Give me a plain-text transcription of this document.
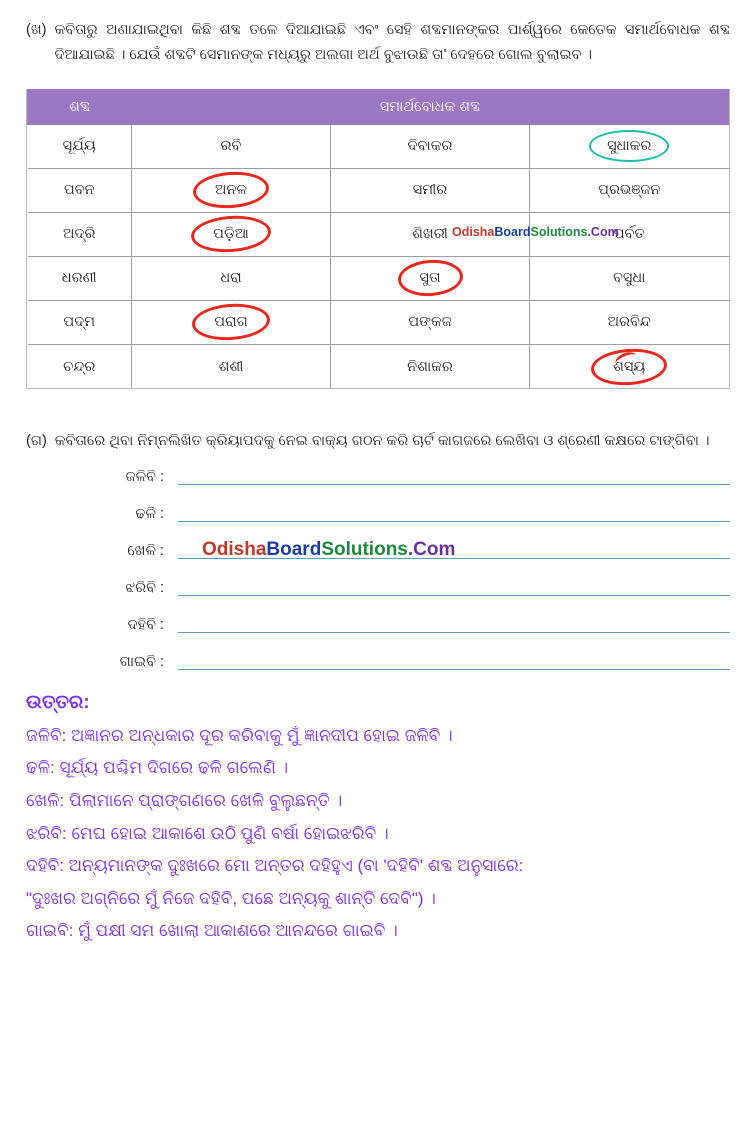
(ଖ) କବିତାରୁ ଅଣାଯାଇଥିବା କିଛି ଶବ୍ଦ ତଳେ ଦିଆଯାଇଛି ଏବଂ ସେହି ଶବ୍ଦମାନଙ୍କର ପାର୍ଶ୍ୱରେ କେତେକ ସମାର୍ଥବୋଧକ ଶବ୍ଦ ଦିଆଯାଇଛି । ଯେଉଁ ଶବ୍ଦଟି ସେମାନଙ୍କ ମଧ୍ୟରୁ ଅଲଗା ଅର୍ଥ ବୁଝାଉଛି ତା' ଦେହରେ ଗୋଲ ବୁଲାଇବ ।
ଶବ୍ଦ	ସମାର୍ଥବୋଧକ ଶବ୍ଦ		
ସୂର୍ଯ୍ୟ	ରବି	ଦିବାକର	ସୁଧାକର
ପବନ	ଅନଳ	ସମୀର	ପ୍ରଭଞ୍ଜନ
ଅଦ୍ରି	ପଡ଼ିଆ	ଶିଖରୀ	ପର୍ବତ
OdishaBoardSolutions.Com

ଧରଣୀ	ଧରା	ସୁତା	ବସୁଧା
ପଦ୍ମ	ପରାଗ	ପଙ୍କଜ	ଅରବିନ୍ଦ
ଚନ୍ଦ୍ର	ଶଶୀ	ନିଶାକର	ଶସ୍ୟ
(ଗ) କବିତାରେ ଥିବା ନିମ୍ନଲିଖିତ କ୍ରିୟାପଦକୁ ନେଇ ବାକ୍ୟ ଗଠନ କରି ଚାର୍ଟ କାଗଜରେ ଲେଖିବା ଓ ଶ୍ରେଣୀ କକ୍ଷରେ ଟାଙ୍ଗିବା ।
ଜଳିବି :
ଢଳି :
ଖେଳି :	OdishaBoardSolutions.Com
ଝରିବି :
ଦହିବି :
ଗାଇବି :
ଉତ୍ତର:
ଜଳିବି: ଅଜ୍ଞାନର ଅନ୍ଧକାର ଦୂର କରିବାକୁ ମୁଁ ଜ୍ଞାନଦୀପ ହୋଇ ଜଳିବି ।
ଢଳି: ସୂର୍ଯ୍ୟ ପଶ୍ଚିମ ଦିଗରେ ଢଳି ଗଲେଣି ।
ଖେଳି: ପିଲାମାନେ ପ୍ରାଙ୍ଗଣରେ ଖେଳି ବୁଲୁଛନ୍ତି ।
ଝରିବି: ମେଘ ହୋଇ ଆକାଶେ ଉଠି ପୁଣି ବର୍ଷା ହୋଇଝରିବି ।
ଦହିବି: ଅନ୍ୟମାନଙ୍କ ଦୁଃଖରେ ମୋ ଅନ୍ତର ଦହିହୁଏ (ବା 'ଦହିବି' ଶବ୍ଦ ଅନୁସାରେ:
"ଦୁଃଖର ଅଗ୍ନିରେ ମୁଁ ନିଜେ ଦହିବି, ପଛେ ଅନ୍ୟକୁ ଶାନ୍ତି ଦେବି") ।
ଗାଇବି: ମୁଁ ପକ୍ଷୀ ସମ ଖୋଲା ଆକାଶରେ ଆନନ୍ଦରେ ଗାଇବି ।
